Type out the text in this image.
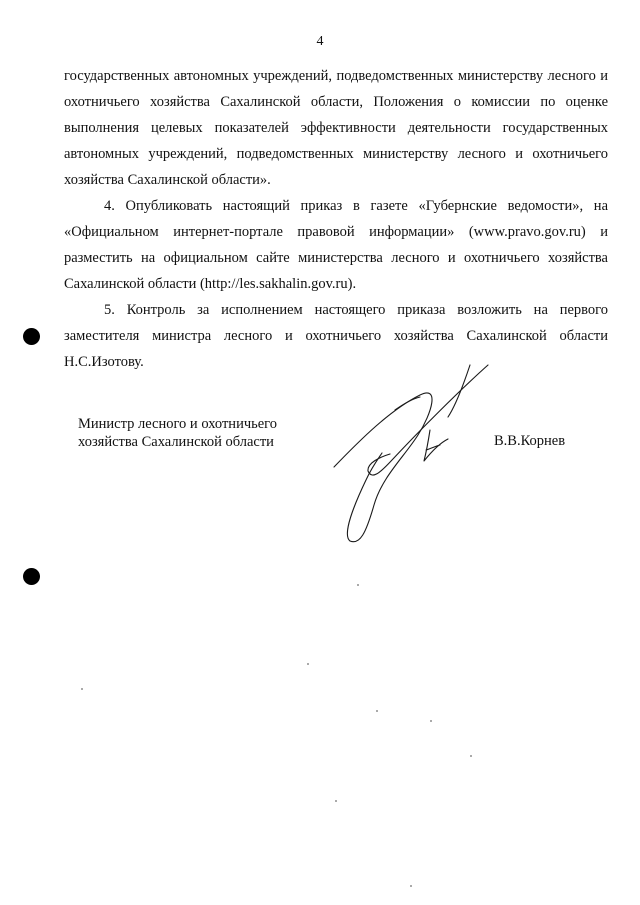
4

государственных автономных учреждений, подведомственных министерству лесного и охотничьего хозяйства Сахалинской области, Положения о комиссии по оценке выполнения целевых показателей эффективности деятельности государственных автономных учреждений, подведомственных министерству лесного и охотничьего хозяйства Сахалинской области».

4. Опубликовать настоящий приказ в газете «Губернские ведомости», на «Официальном интернет-портале правовой информации» (www.pravo.gov.ru) и разместить на официальном сайте министерства лесного и охотничьего хозяйства Сахалинской области (http://les.sakhalin.gov.ru).

5. Контроль за исполнением настоящего приказа возложить на первого заместителя министра лесного и охотничьего хозяйства Сахалинской области Н.С.Изотову.

Министр лесного и охотничьего
хозяйства Сахалинской области	В.В.Корнев
